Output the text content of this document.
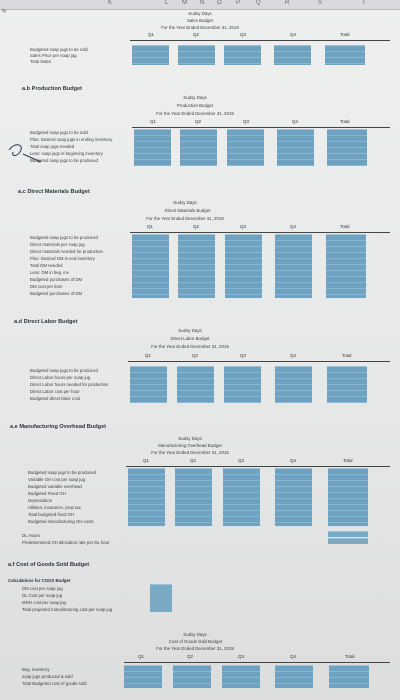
K	L M N O P	Q	R	S	T
ity
Sudsy Days
Sales Budget
For the Year Ended December 31, 2019
Q1	Q2	Q3	Q4	Total
Budgeted soap jugs to be sold
Sales Price per soap jug
Total Sales
a.b Production Budget
Sudsy Days
Production Budget
For the Year Ended December 31, 2019
Q1	Q2	Q3	Q4	Total
Budgeted soap jugs to be sold
Plus: Desired soap jugs in ending inventory
Total soap jugs needed
Less: soap jugs in beginning inventory
Budgeted soap jugs to be produced
a.c Direct Materials Budget
Sudsy Days
Direct Materials Budget
For the Year Ended December 31, 2019
Q1	Q2	Q3	Q4	Total
Budgeted soap jugs to be produced
Direct materials per soap jug
Direct materials needed for production
Plus: Desired DM in end inventory
Total DM needed
Less: DM in beg. inv
Budgeted purchases of DM
DM cost per item
Budgeted purchases of DM
a.d Direct Labor Budget
Sudsy Days
Direct Labor Budget
For the Year Ended December 31, 2019
Q1	Q2	Q3	Q4	Total
Budgeted soap jugs to be produced
Direct Labor hours per soap jug
Direct Labor hours needed for production
Direct Labor cost per hour
Budgeted direct labor cost
a.e Manufacturing Overhead Budget
Sudsy Days
Manufacturing Overhead Budget
For the Year Ended December 31, 2019
Q1	Q2	Q3	Q4	Total
Budgeted soap jugs to be produced
Variable OH cost per soap jug
Budgeted variable overhead
Budgeted Fixed OH
Depreciation
Utilities, insurance, prop tax
Total budgeted fixed OH
Budgeted manufacturing OH costs
DL Hours
Predetermined OH allocation rate per DL hour
a.f Cost of Goods Sold Budget
Calculations for COGS Budget
DM cost per soap jug
DL Cost per soap jug
MOH cost per soap jug
Total projected manufacturing cost per soap jug
Sudsy Days
Cost of Goods Sold Budget
For the Year Ended December 31, 2019
Q1	Q2	Q3	Q4	Total
Beg. inventory
soap jugs produced & sold
Total Budgeted cost of goods sold
